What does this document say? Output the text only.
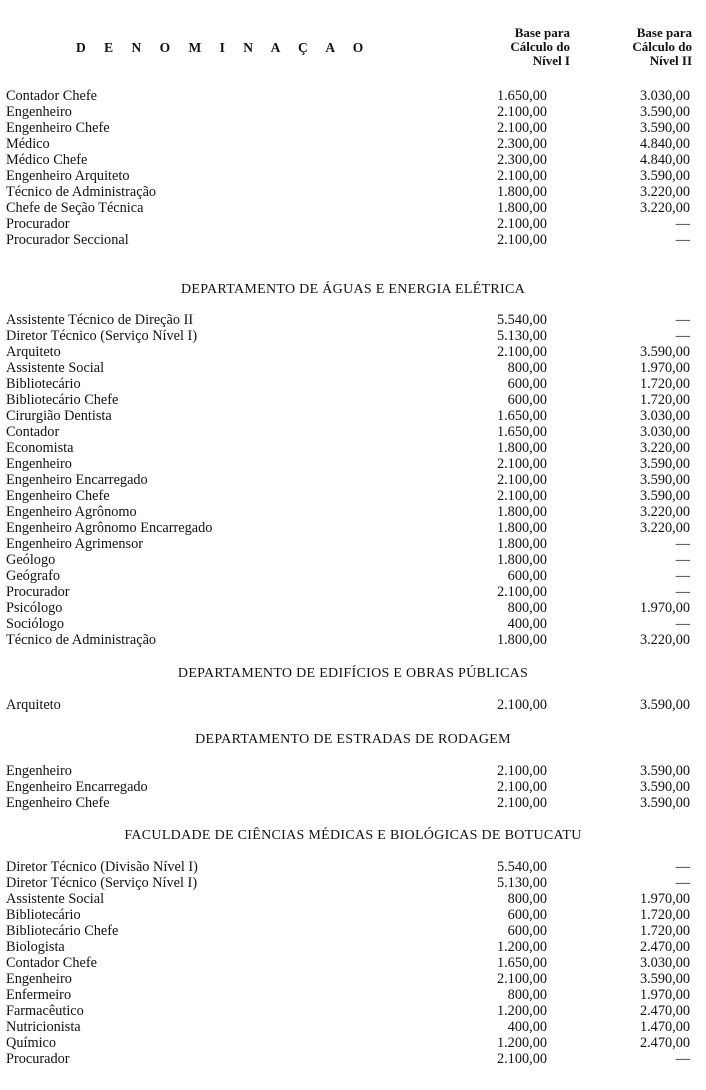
D E N O M I N A Ç A O
Base para
Cálculo do
Nível I
Base para
Cálculo do
Nível II
Contador Chefe	1.650,00	3.030,00
Engenheiro	2.100,00	3.590,00
Engenheiro Chefe	2.100,00	3.590,00
Médico	2.300,00	4.840,00
Médico Chefe	2.300,00	4.840,00
Engenheiro Arquiteto	2.100,00	3.590,00
Técnico de Administração	1.800,00	3.220,00
Chefe de Seção Técnica	1.800,00	3.220,00
Procurador	2.100,00	—
Procurador Seccional	2.100,00	—
DEPARTAMENTO DE ÁGUAS E ENERGIA ELÉTRICA
Assistente Técnico de Direção II	5.540,00	—
Diretor Técnico (Serviço Nível I)	5.130,00	—
Arquiteto	2.100,00	3.590,00
Assistente Social	800,00	1.970,00
Bibliotecário	600,00	1.720,00
Bibliotecário Chefe	600,00	1.720,00
Cirurgião Dentista	1.650,00	3.030,00
Contador	1.650,00	3.030,00
Economista	1.800,00	3.220,00
Engenheiro	2.100,00	3.590,00
Engenheiro Encarregado	2.100,00	3.590,00
Engenheiro Chefe	2.100,00	3.590,00
Engenheiro Agrônomo	1.800,00	3.220,00
Engenheiro Agrônomo Encarregado	1.800,00	3.220,00
Engenheiro Agrimensor	1.800,00	—
Geólogo	1.800,00	—
Geógrafo	600,00	—
Procurador	2.100,00	—
Psicólogo	800,00	1.970,00
Sociólogo	400,00	—
Técnico de Administração	1.800,00	3.220,00
DEPARTAMENTO DE EDIFÍCIOS E OBRAS PÚBLICAS
Arquiteto	2.100,00	3.590,00
DEPARTAMENTO DE ESTRADAS DE RODAGEM
Engenheiro	2.100,00	3.590,00
Engenheiro Encarregado	2.100,00	3.590,00
Engenheiro Chefe	2.100,00	3.590,00
FACULDADE DE CIÊNCIAS MÉDICAS E BIOLÓGICAS DE BOTUCATU
Diretor Técnico (Divisão Nível I)	5.540,00	—
Diretor Técnico (Serviço Nível I)	5.130,00	—
Assistente Social	800,00	1.970,00
Bibliotecário	600,00	1.720,00
Bibliotecário Chefe	600,00	1.720,00
Biologista	1.200,00	2.470,00
Contador Chefe	1.650,00	3.030,00
Engenheiro	2.100,00	3.590,00
Enfermeiro	800,00	1.970,00
Farmacêutico	1.200,00	2.470,00
Nutricionista	400,00	1.470,00
Químico	1.200,00	2.470,00
Procurador	2.100,00	—
